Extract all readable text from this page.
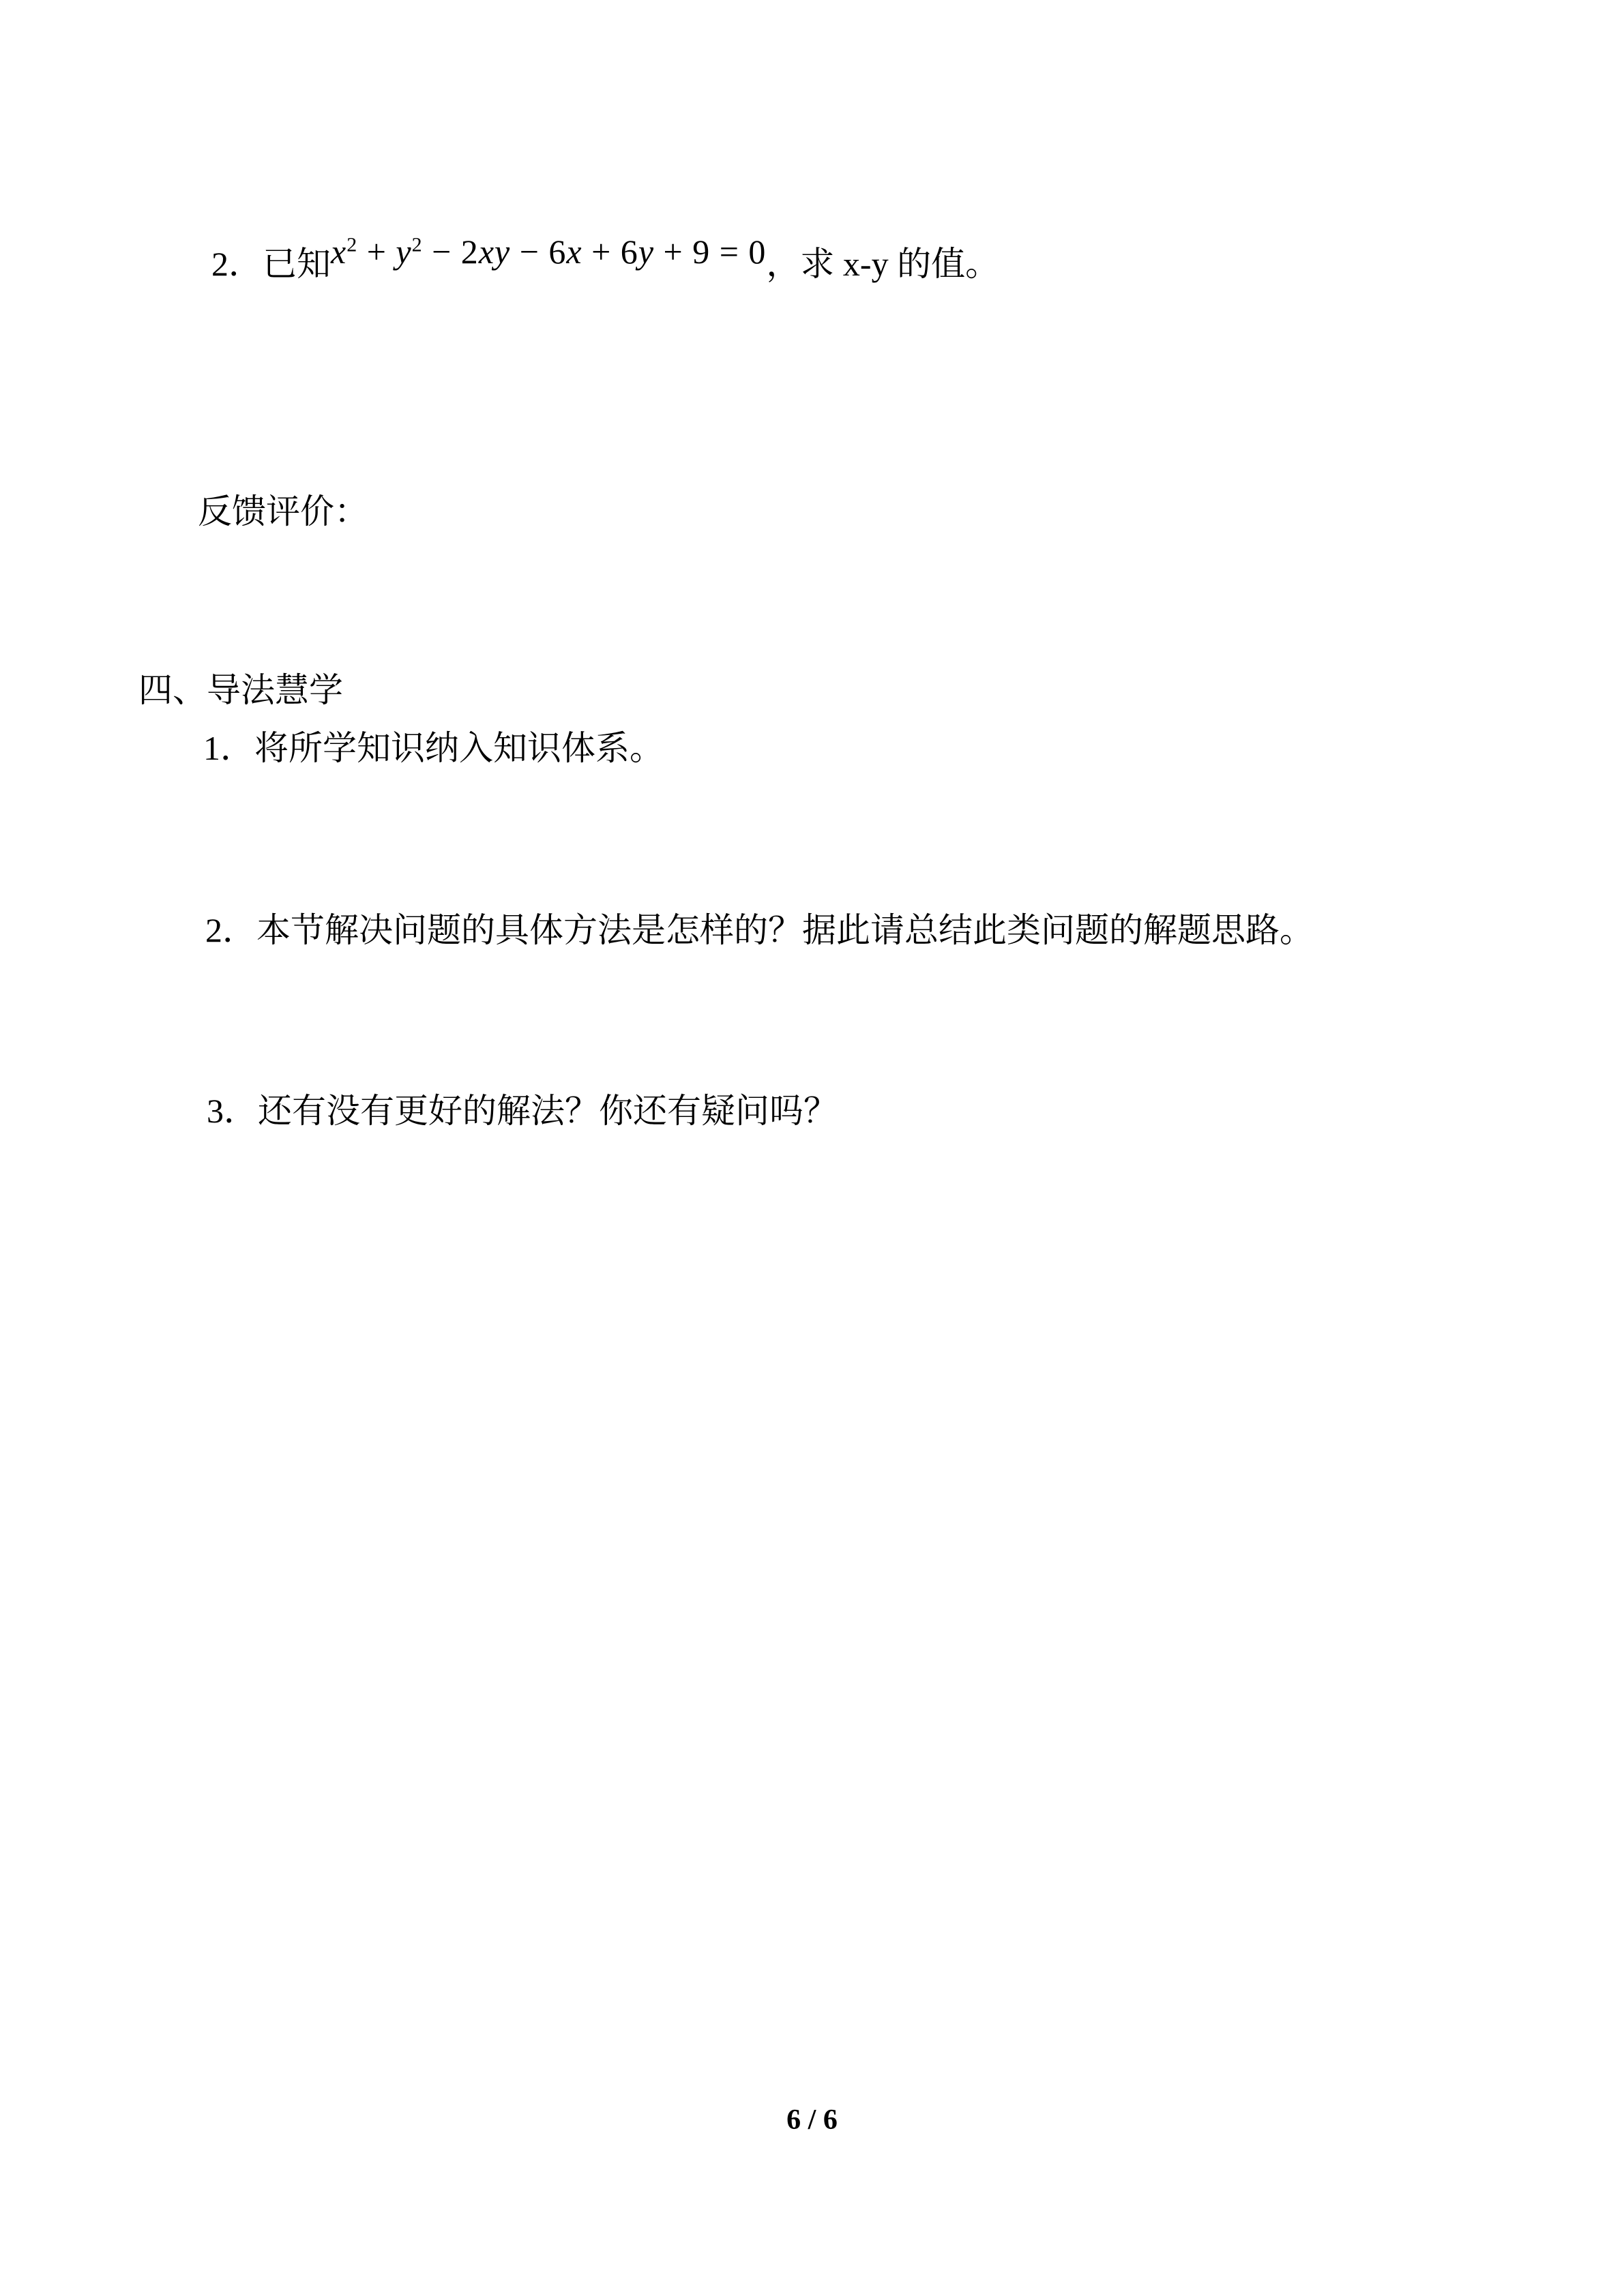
2．已知$x^2 + y^2 - 2xy - 6x + 6y + 9 = 0$，求 x-y 的值。
反馈评价：
四、导法慧学
1．将所学知识纳入知识体系。
2．本节解决问题的具体方法是怎样的？据此请总结此类问题的解题思路。
3．还有没有更好的解法？你还有疑问吗？
6 / 6
